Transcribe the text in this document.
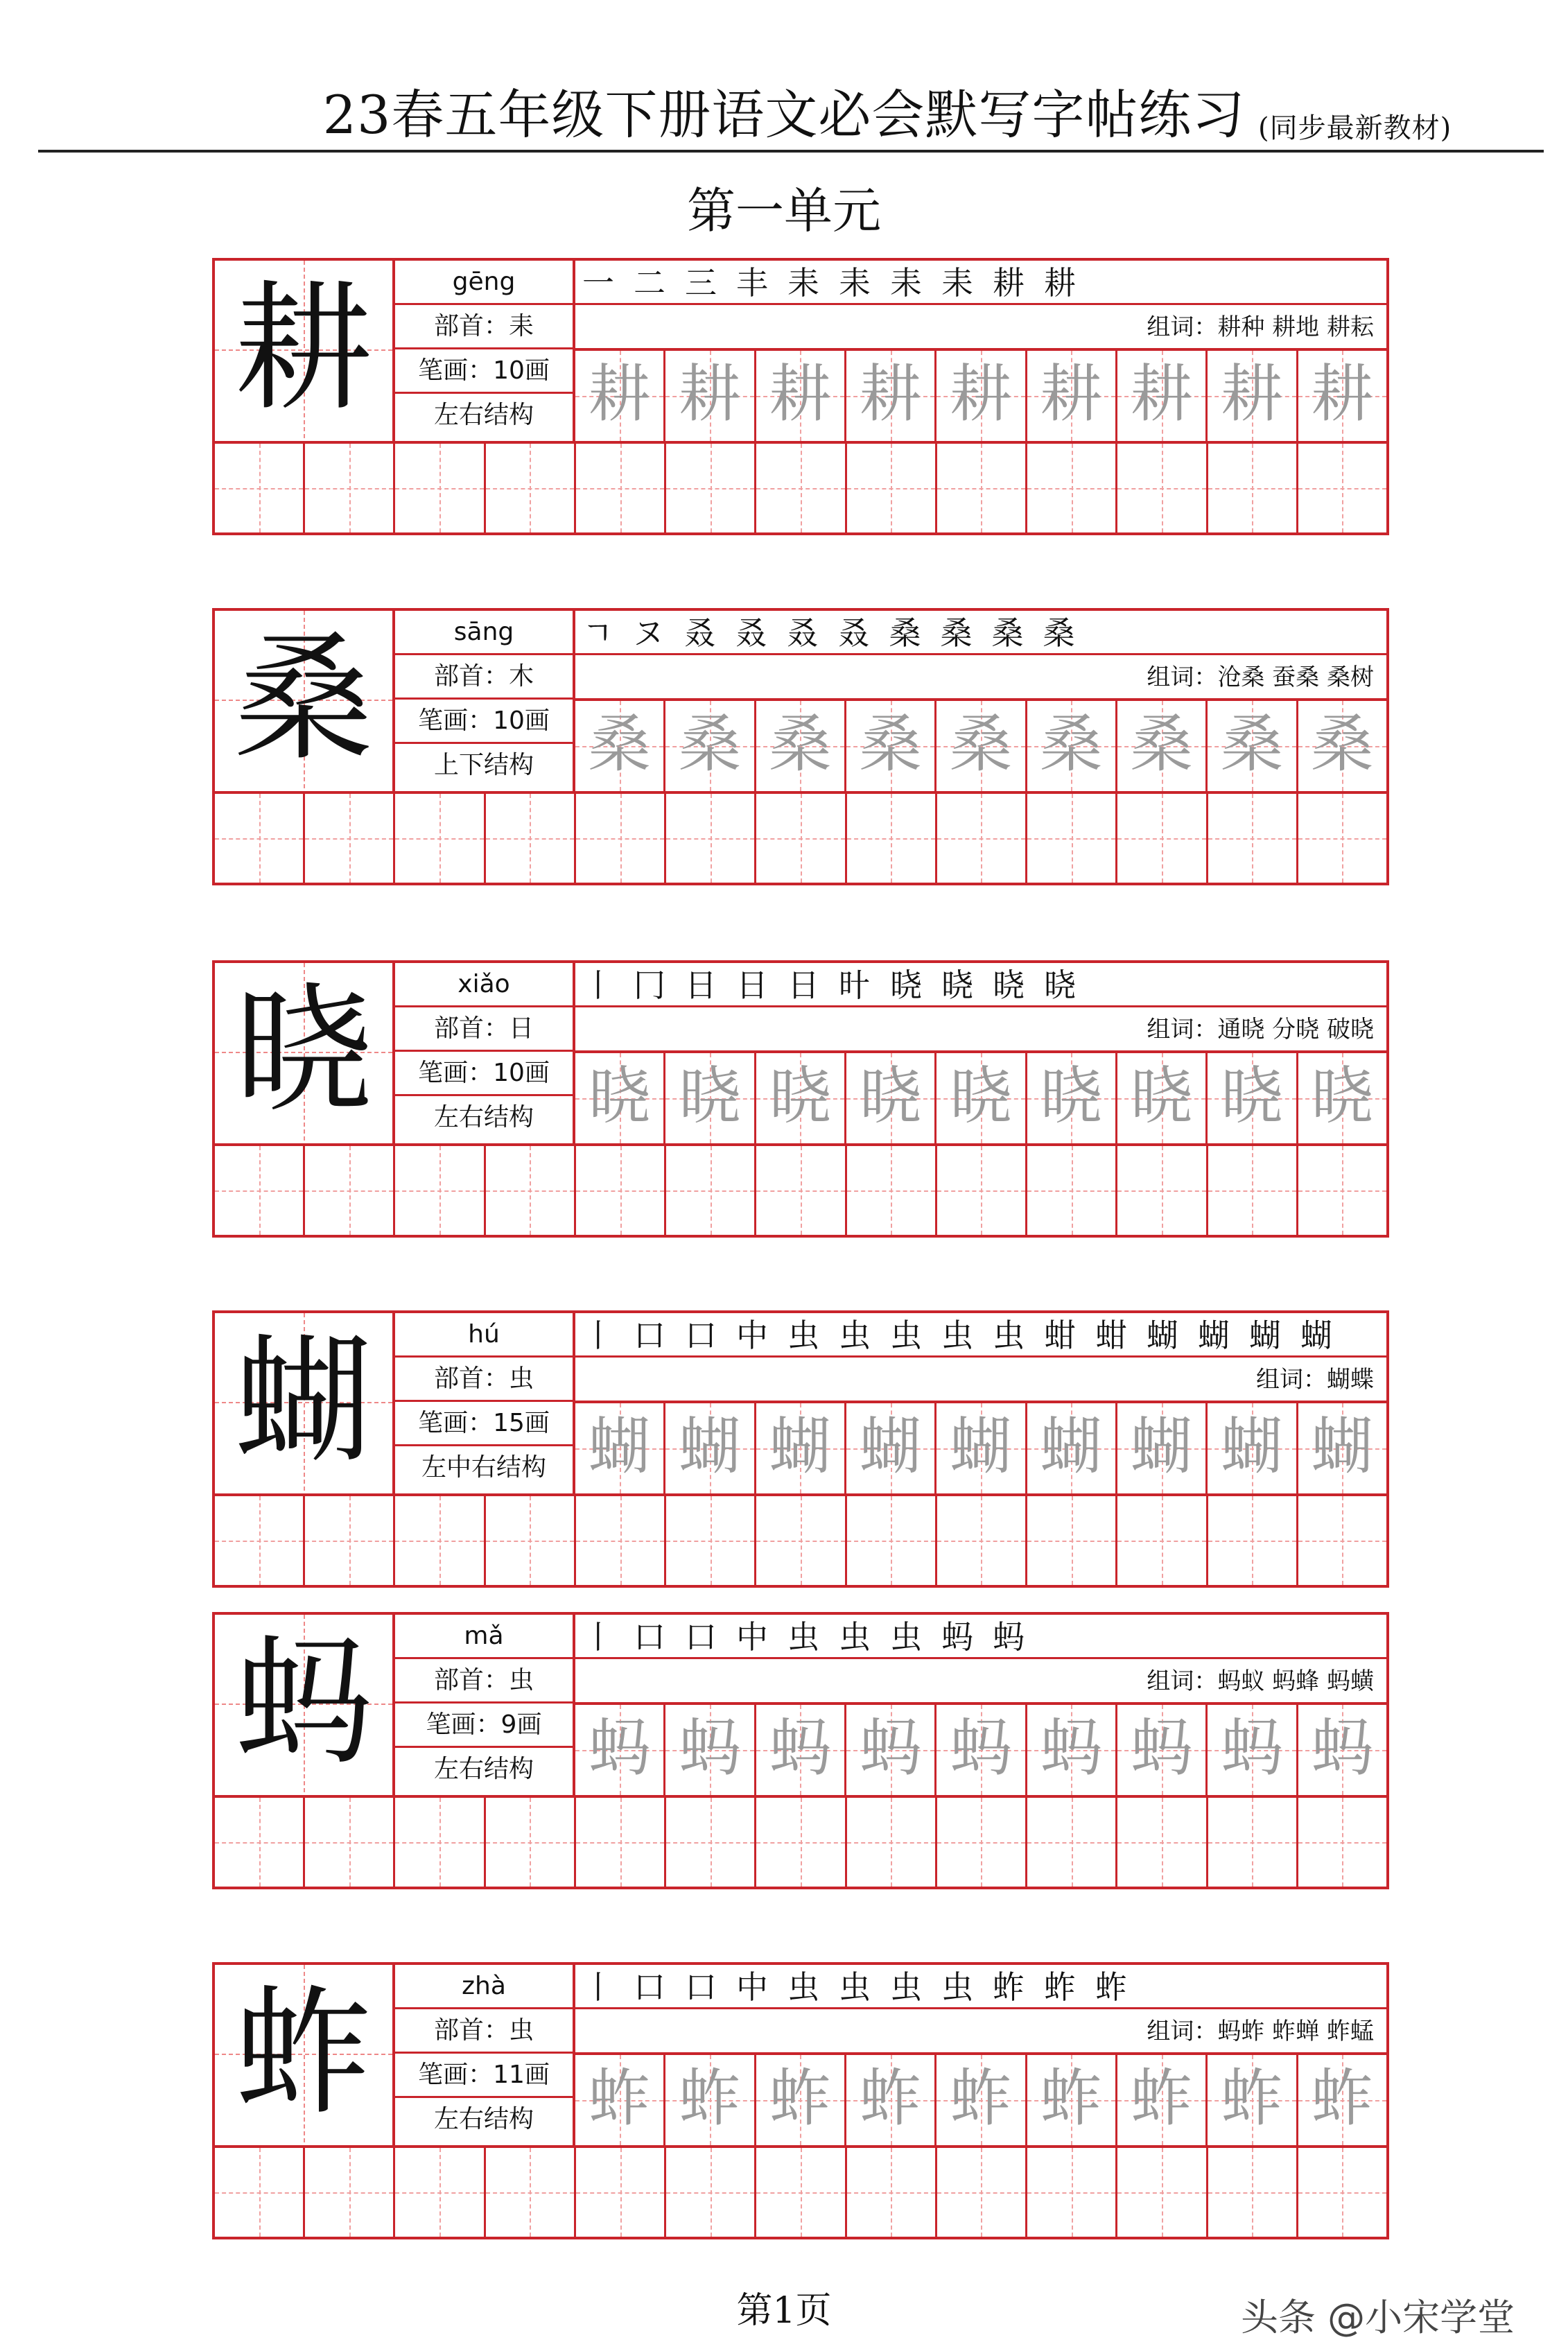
23春五年级下册语文必会默写字帖练习 (同步最新教材)
第一单元
耕	gēng
部首：耒
笔画：10画
左右结构
一 二 三 丰 耒 耒 耒 耒 耕 耕
组词：耕种 耕地 耕耘
耕 耕 耕 耕 耕 耕 耕 耕 耕
桑	sāng
部首：木
笔画：10画
上下结构
ㄱ ヌ 叒 叒 叒 叒 桑 桑 桑 桑
组词：沧桑 蚕桑 桑树
桑 桑 桑 桑 桑 桑 桑 桑 桑
晓	xiǎo
部首：日
笔画：10画
左右结构
丨 冂 日 日 日 旪 晓 晓 晓 晓
组词：通晓 分晓 破晓
晓 晓 晓 晓 晓 晓 晓 晓 晓
蝴	hú
部首：虫
笔画：15画
左中右结构
丨 口 口 中 虫 虫 虫 虫 虫 蚶 蚶 蝴 蝴 蝴 蝴
组词：蝴蝶
蝴 蝴 蝴 蝴 蝴 蝴 蝴 蝴 蝴
蚂	mǎ
部首：虫
笔画：9画
左右结构
丨 口 口 中 虫 虫 虫 蚂 蚂
组词：蚂蚁 蚂蜂 蚂蟥
蚂 蚂 蚂 蚂 蚂 蚂 蚂 蚂 蚂
蚱	zhà
部首：虫
笔画：11画
左右结构
丨 口 口 中 虫 虫 虫 虫 蚱 蚱 蚱
组词：蚂蚱 蚱蝉 蚱蜢
蚱 蚱 蚱 蚱 蚱 蚱 蚱 蚱 蚱
第1页	头条 @小宋学堂
